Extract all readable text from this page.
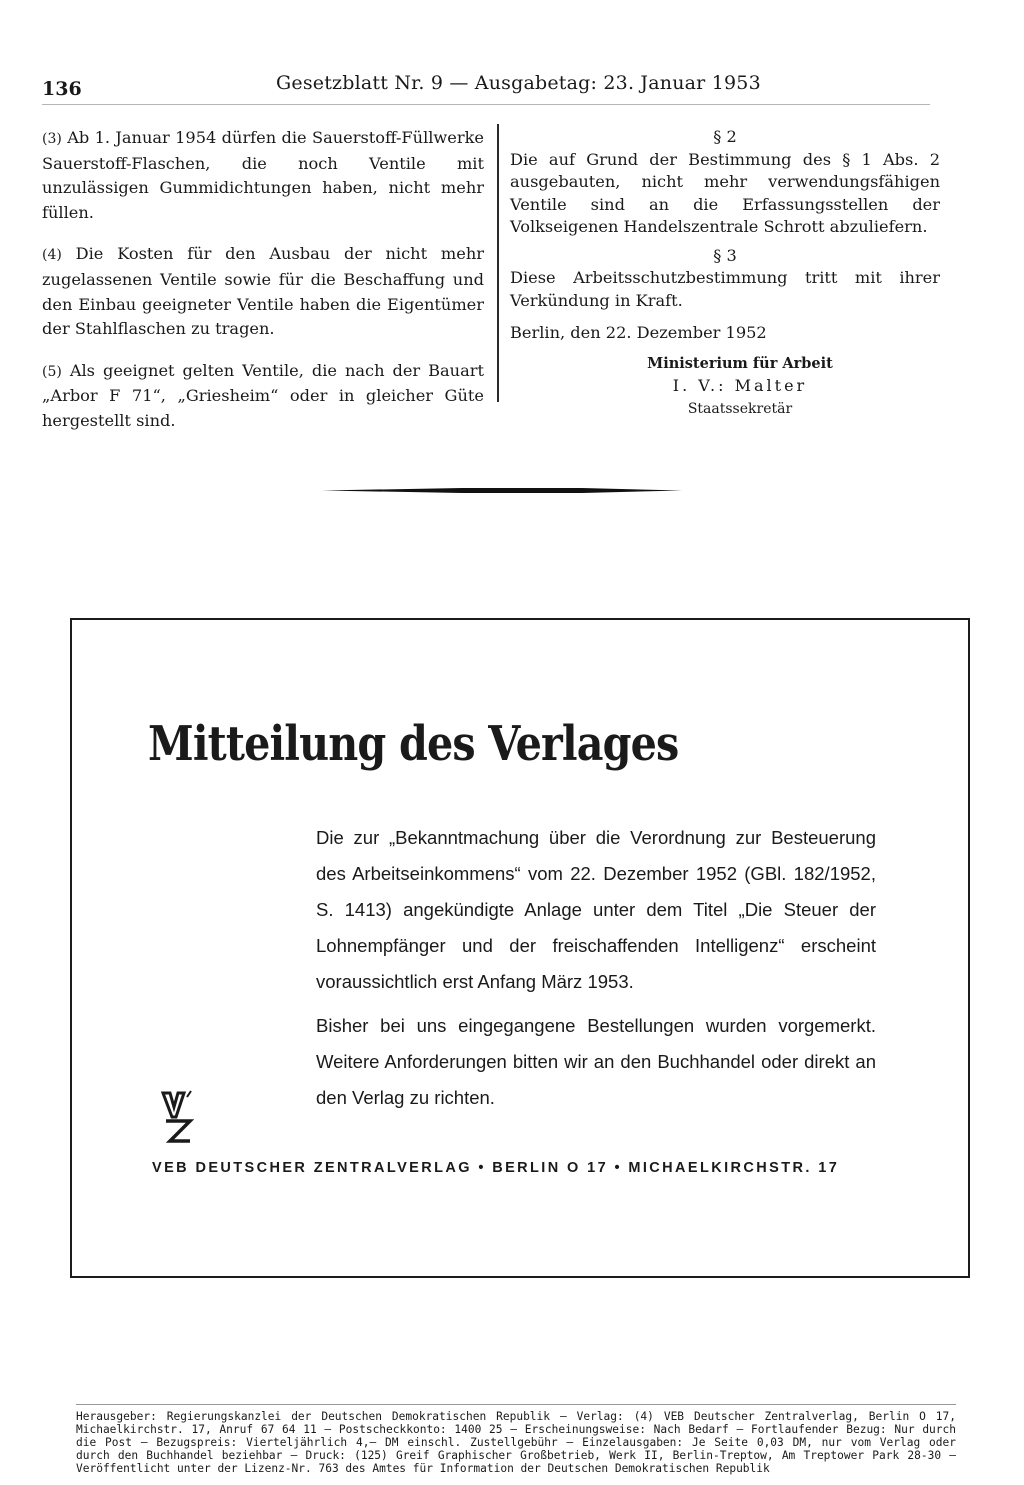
136	Gesetzblatt Nr. 9 — Ausgabetag: 23. Januar 1953

(3) Ab 1. Januar 1954 dürfen die Sauerstoff-Füllwerke Sauerstoff-Flaschen, die noch Ventile mit unzulässigen Gummidichtungen haben, nicht mehr füllen.

(4) Die Kosten für den Ausbau der nicht mehr zugelassenen Ventile sowie für die Beschaffung und den Einbau geeigneter Ventile haben die Eigentümer der Stahlflaschen zu tragen.

(5) Als geeignet gelten Ventile, die nach der Bauart „Arbor F 71“, „Griesheim“ oder in gleicher Güte hergestellt sind.

§ 2

Die auf Grund der Bestimmung des § 1 Abs. 2 ausgebauten, nicht mehr verwendungsfähigen Ventile sind an die Erfassungsstellen der Volkseigenen Handelszentrale Schrott abzuliefern.

§ 3

Diese Arbeitsschutzbestimmung tritt mit ihrer Verkündung in Kraft.

Berlin, den 22. Dezember 1952

Ministerium für Arbeit
I. V.: Malter
Staatssekretär
Mitteilung des Verlages

Die zur „Bekanntmachung über die Verordnung zur Besteuerung des Arbeitseinkommens“ vom 22. Dezember 1952 (GBl. 182/1952, S. 1413) angekündigte Anlage unter dem Titel „Die Steuer der Lohnempfänger und der freischaffenden Intelligenz“ erscheint voraussichtlich erst Anfang März 1953.

Bisher bei uns eingegangene Bestellungen wurden vorgemerkt. Weitere Anforderungen bitten wir an den Buchhandel oder direkt an den Verlag zu richten.

VEB DEUTSCHER ZENTRALVERLAG • BERLIN O 17 • MICHAELKIRCHSTR. 17
Herausgeber: Regierungskanzlei der Deutschen Demokratischen Republik — Verlag: (4) VEB Deutscher Zentralverlag, Berlin O 17, Michaelkirchstr. 17, Anruf 67 64 11 — Postscheckkonto: 1400 25 — Erscheinungsweise: Nach Bedarf — Fortlaufender Bezug: Nur durch die Post — Bezugspreis: Vierteljährlich 4,— DM einschl. Zustellgebühr — Einzelausgaben: Je Seite 0,03 DM, nur vom Verlag oder durch den Buchhandel beziehbar — Druck: (125) Greif Graphischer Großbetrieb, Werk II, Berlin-Treptow, Am Treptower Park 28-30 — Veröffentlicht unter der Lizenz-Nr. 763 des Amtes für Information der Deutschen Demokratischen Republik
